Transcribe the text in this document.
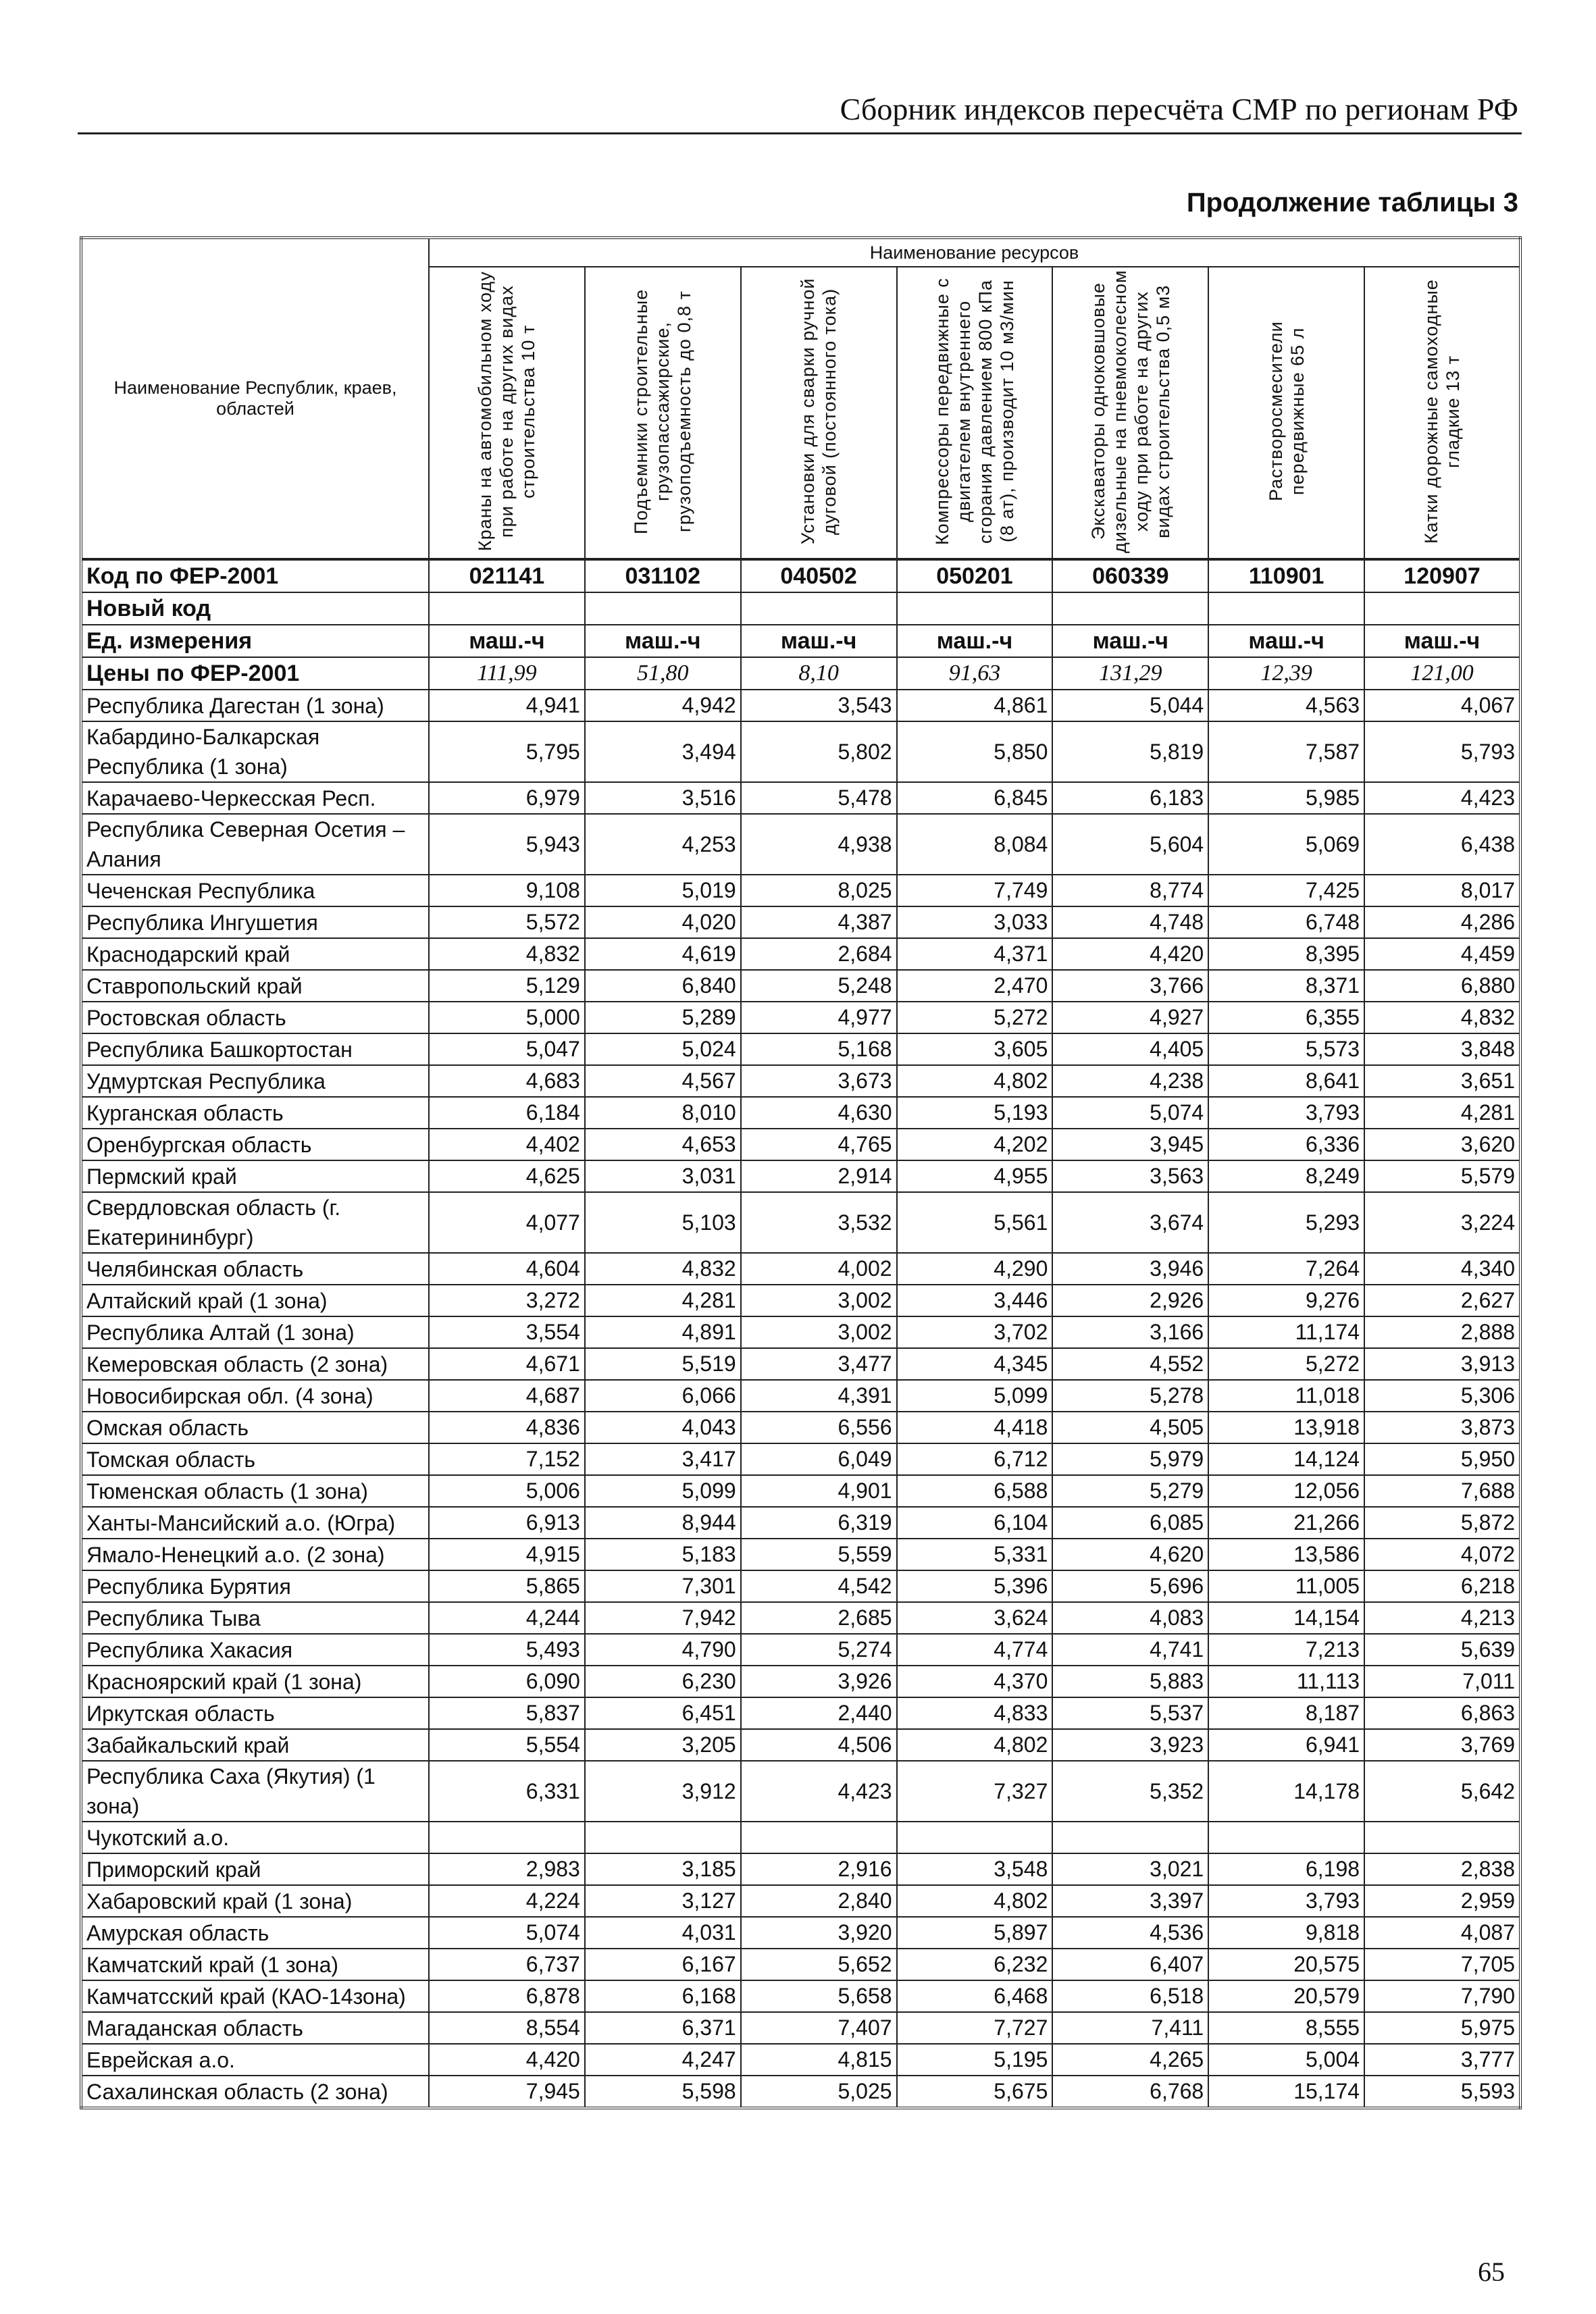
Сборник индексов пересчёта СМР по регионам РФ
Продолжение таблицы 3
Наименование Республик, краев, областей	Наименование ресурсов						
	Краны на автомобильном ходу при работе на других видах строительства 10 т	Подъемники строительные грузопассажирские, грузоподъемность до 0,8 т	Установки для сварки ручной дуговой (постоянного тока)	Компрессоры передвижные с двигателем внутреннего сгорания давлением 800 кПа (8 ат), производит 10 м3/мин	Экскаваторы одноковшовые дизельные на пневмоколесном ходу при работе на других видах строительства 0,5 м3	Растворосмесители передвижные 65 л	Катки дорожные самоходные гладкие 13 т
Код по ФЕР-2001	021141	031102	040502	050201	060339	110901	120907
Новый код							
Ед. измерения	маш.-ч	маш.-ч	маш.-ч	маш.-ч	маш.-ч	маш.-ч	маш.-ч
Цены по ФЕР-2001	111,99	51,80	8,10	91,63	131,29	12,39	121,00
Республика Дагестан (1 зона)	4,941	4,942	3,543	4,861	5,044	4,563	4,067
Кабардино-Балкарская Республика (1 зона)	5,795	3,494	5,802	5,850	5,819	7,587	5,793
Карачаево-Черкесская Респ.	6,979	3,516	5,478	6,845	6,183	5,985	4,423
Республика Северная Осетия – Алания	5,943	4,253	4,938	8,084	5,604	5,069	6,438
Чеченская Республика	9,108	5,019	8,025	7,749	8,774	7,425	8,017
Республика Ингушетия	5,572	4,020	4,387	3,033	4,748	6,748	4,286
Краснодарский край	4,832	4,619	2,684	4,371	4,420	8,395	4,459
Ставропольский край	5,129	6,840	5,248	2,470	3,766	8,371	6,880
Ростовская область	5,000	5,289	4,977	5,272	4,927	6,355	4,832
Республика Башкортостан	5,047	5,024	5,168	3,605	4,405	5,573	3,848
Удмуртская Республика	4,683	4,567	3,673	4,802	4,238	8,641	3,651
Курганская область	6,184	8,010	4,630	5,193	5,074	3,793	4,281
Оренбургская область	4,402	4,653	4,765	4,202	3,945	6,336	3,620
Пермский край	4,625	3,031	2,914	4,955	3,563	8,249	5,579
Свердловская область (г. Екатерининбург)	4,077	5,103	3,532	5,561	3,674	5,293	3,224
Челябинская область	4,604	4,832	4,002	4,290	3,946	7,264	4,340
Алтайский край (1 зона)	3,272	4,281	3,002	3,446	2,926	9,276	2,627
Республика Алтай (1 зона)	3,554	4,891	3,002	3,702	3,166	11,174	2,888
Кемеровская область (2 зона)	4,671	5,519	3,477	4,345	4,552	5,272	3,913
Новосибирская обл. (4 зона)	4,687	6,066	4,391	5,099	5,278	11,018	5,306
Омская область	4,836	4,043	6,556	4,418	4,505	13,918	3,873
Томская область	7,152	3,417	6,049	6,712	5,979	14,124	5,950
Тюменская область (1 зона)	5,006	5,099	4,901	6,588	5,279	12,056	7,688
Ханты-Мансийский а.о. (Югра)	6,913	8,944	6,319	6,104	6,085	21,266	5,872
Ямало-Ненецкий а.о. (2 зона)	4,915	5,183	5,559	5,331	4,620	13,586	4,072
Республика Бурятия	5,865	7,301	4,542	5,396	5,696	11,005	6,218
Республика Тыва	4,244	7,942	2,685	3,624	4,083	14,154	4,213
Республика Хакасия	5,493	4,790	5,274	4,774	4,741	7,213	5,639
Красноярский край (1 зона)	6,090	6,230	3,926	4,370	5,883	11,113	7,011
Иркутская область	5,837	6,451	2,440	4,833	5,537	8,187	6,863
Забайкальский край	5,554	3,205	4,506	4,802	3,923	6,941	3,769
Республика Саха (Якутия) (1 зона)	6,331	3,912	4,423	7,327	5,352	14,178	5,642
Чукотский а.о.							
Приморский край	2,983	3,185	2,916	3,548	3,021	6,198	2,838
Хабаровский край (1 зона)	4,224	3,127	2,840	4,802	3,397	3,793	2,959
Амурская область	5,074	4,031	3,920	5,897	4,536	9,818	4,087
Камчатский край (1 зона)	6,737	6,167	5,652	6,232	6,407	20,575	7,705
Камчатсский край (КАО-14зона)	6,878	6,168	5,658	6,468	6,518	20,579	7,790
Магаданская область	8,554	6,371	7,407	7,727	7,411	8,555	5,975
Еврейская а.о.	4,420	4,247	4,815	5,195	4,265	5,004	3,777
Сахалинская область (2 зона)	7,945	5,598	5,025	5,675	6,768	15,174	5,593
65
